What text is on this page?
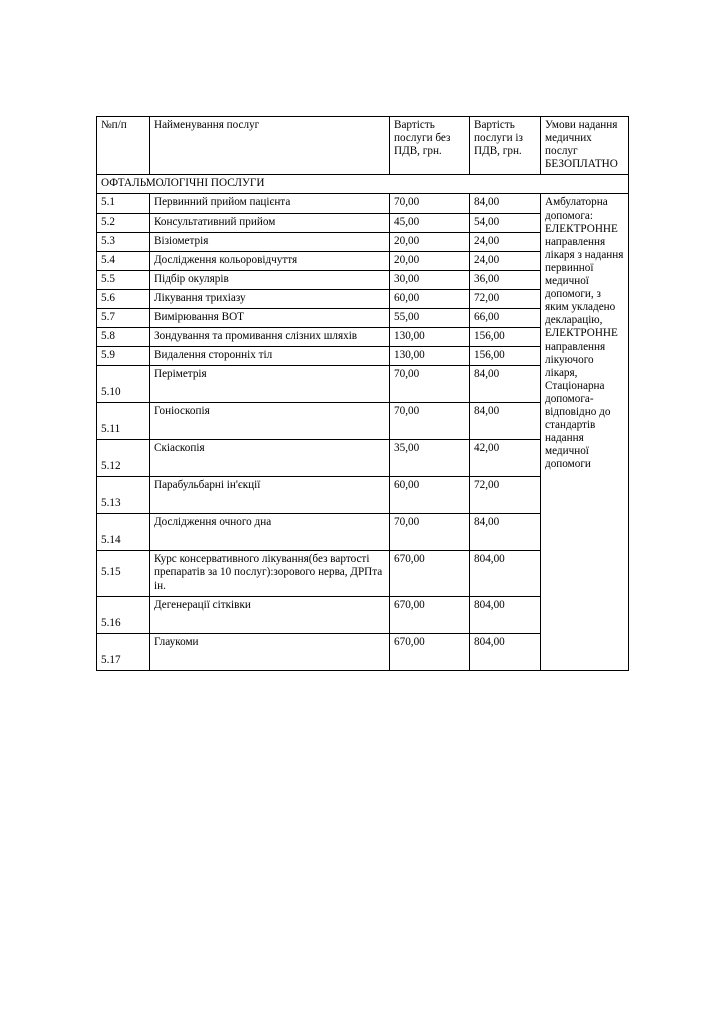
№п/п	Найменування послуг	Вартість послуги без ПДВ, грн.	Вартість послуги із ПДВ, грн.	Умови надання медичних послуг БЕЗОПЛАТНО
ОФТАЛЬМОЛОГІЧНІ ПОСЛУГИ				
5.1	Первинний прийом пацієнта	70,00	84,00	Амбулаторна допомога: ЕЛЕКТРОННЕ направлення лікаря з надання первинної медичної допомоги, з яким укладено декларацію, ЕЛЕКТРОННЕ направлення лікуючого лікаря, Стаціонарна допомога-відповідно до стандартів надання медичної допомоги
5.2	Консультативний прийом	45,00	54,00	
5.3	Візіометрія	20,00	24,00	
5.4	Дослідження кольоровідчуття	20,00	24,00	
5.5	Підбір окулярів	30,00	36,00	
5.6	Лікування трихіазу	60,00	72,00	
5.7	Вимірювання ВОТ	55,00	66,00	
5.8	Зондування та промивання слізних шляхів	130,00	156,00	
5.9	Видалення сторонніх тіл	130,00	156,00	
5.10	Періметрія	70,00	84,00	
5.11	Гоніоскопія	70,00	84,00	
5.12	Скіаскопія	35,00	42,00	
5.13	Парабульбарні ін'єкції	60,00	72,00	
5.14	Дослідження очного дна	70,00	84,00	
5.15	Курс консервативного лікування(без вартості препаратів за 10 послуг):зорового нерва, ДРПта ін.	670,00	804,00	
5.16	Дегенерації сітківки	670,00	804,00	
5.17	Глаукоми	670,00	804,00	
